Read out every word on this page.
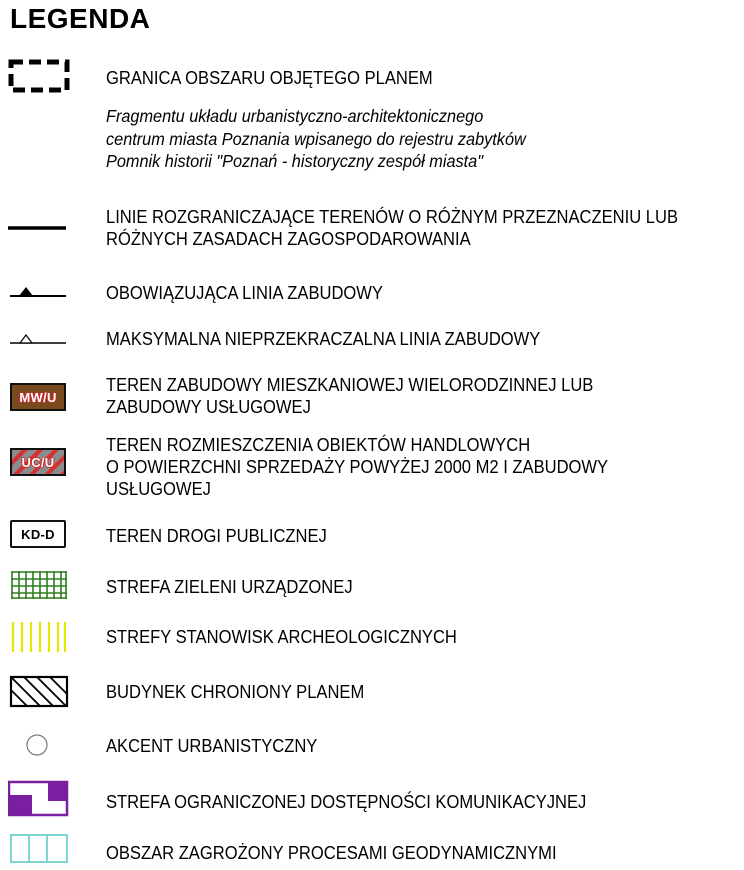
LEGENDA
GRANICA OBSZARU OBJĘTEGO PLANEM
Fragmentu układu urbanistyczno-architektonicznego
centrum miasta Poznania wpisanego do rejestru zabytków
Pomnik historii "Poznań - historyczny zespół miasta"
LINIE ROZGRANICZAJĄCE TERENÓW O RÓŻNYM PRZEZNACZENIU LUB
RÓŻNYCH ZASADACH ZAGOSPODAROWANIA
OBOWIĄZUJĄCA LINIA ZABUDOWY
MAKSYMALNA NIEPRZEKRACZALNA LINIA ZABUDOWY
MW/U
TEREN ZABUDOWY MIESZKANIOWEJ WIELORODZINNEJ LUB
ZABUDOWY USŁUGOWEJ
UC/U
TEREN ROZMIESZCZENIA OBIEKTÓW HANDLOWYCH
O POWIERZCHNI SPRZEDAŻY POWYŻEJ 2000 M2 I ZABUDOWY
USŁUGOWEJ
KD-D	TEREN DROGI PUBLICZNEJ
STREFA ZIELENI URZĄDZONEJ
STREFY STANOWISK ARCHEOLOGICZNYCH
BUDYNEK CHRONIONY PLANEM
AKCENT URBANISTYCZNY
STREFA OGRANICZONEJ DOSTĘPNOŚCI KOMUNIKACYJNEJ
OBSZAR ZAGROŻONY PROCESAMI GEODYNAMICZNYMI
